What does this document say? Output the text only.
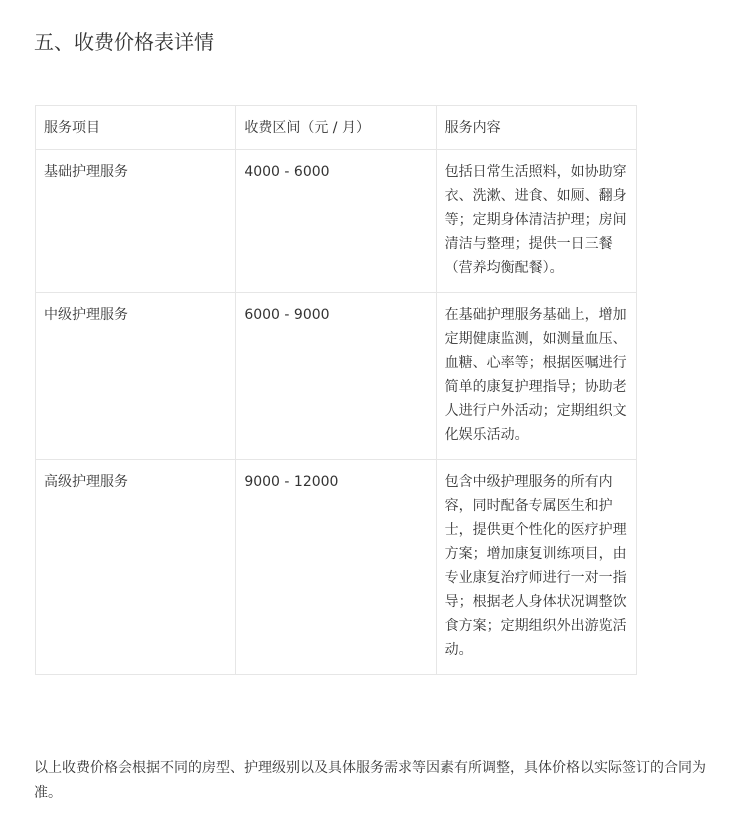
五、收费价格表详情
服务项目	收费区间（元 / 月）	服务内容
基础护理服务	4000 - 6000	包括日常生活照料，如协助穿衣、洗漱、进食、如厕、翻身等；定期身体清洁护理；房间清洁与整理；提供一日三餐（营养均衡配餐）。
中级护理服务	6000 - 9000	在基础护理服务基础上，增加定期健康监测，如测量血压、血糖、心率等；根据医嘱进行简单的康复护理指导；协助老人进行户外活动；定期组织文化娱乐活动。
高级护理服务	9000 - 12000	包含中级护理服务的所有内容，同时配备专属医生和护士，提供更个性化的医疗护理方案；增加康复训练项目，由专业康复治疗师进行一对一指导；根据老人身体状况调整饮食方案；定期组织外出游览活动。

以上收费价格会根据不同的房型、护理级别以及具体服务需求等因素有所调整，具体价格以实际签订的合同为准。
